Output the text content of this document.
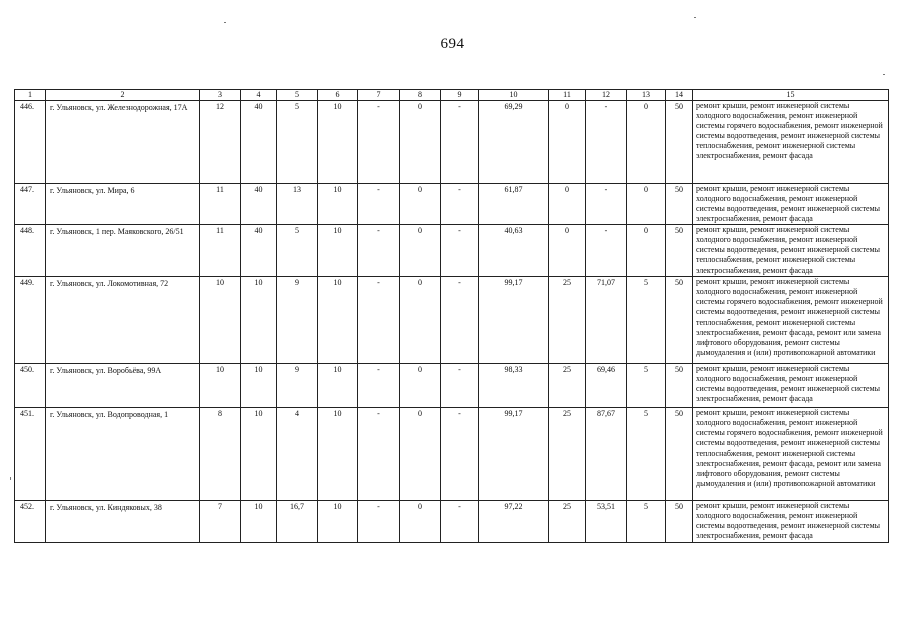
694
1	2	3	4	5	6	7	8	9	10	11	12	13	14	15
446.	г. Ульяновск, ул. Железнодорожная, 17А	12	40	5	10	-	0	-	69,29	0	-	0	50	ремонт крыши, ремонт инженерной системы холодного водоснабжения, ремонт инженерной системы горячего водоснабжения, ремонт инженерной системы водоотведения, ремонт инженерной системы теплоснабжения, ремонт инженерной системы электроснабжения, ремонт фасада
447.	г. Ульяновск, ул. Мира, 6	11	40	13	10	-	0	-	61,87	0	-	0	50	ремонт крыши, ремонт инженерной системы холодного водоснабжения, ремонт инженерной системы водоотведения, ремонт инженерной системы электроснабжения, ремонт фасада
448.	г. Ульяновск, 1 пер. Маяковского, 26/51	11	40	5	10	-	0	-	40,63	0	-	0	50	ремонт крыши, ремонт инженерной системы холодного водоснабжения, ремонт инженерной системы водоотведения, ремонт инженерной системы теплоснабжения, ремонт инженерной системы электроснабжения, ремонт фасада
449.	г. Ульяновск, ул. Локомотивная, 72	10	10	9	10	-	0	-	99,17	25	71,07	5	50	ремонт крыши, ремонт инженерной системы холодного водоснабжения, ремонт инженерной системы горячего водоснабжения, ремонт инженерной системы водоотведения, ремонт инженерной системы теплоснабжения, ремонт инженерной системы электроснабжения, ремонт фасада, ремонт или замена лифтового оборудования, ремонт системы дымоудаления и (или) противопожарной автоматики
450.	г. Ульяновск, ул. Воробьёва, 99А	10	10	9	10	-	0	-	98,33	25	69,46	5	50	ремонт крыши, ремонт инженерной системы холодного водоснабжения, ремонт инженерной системы водоотведения, ремонт инженерной системы электроснабжения, ремонт фасада
451.	г. Ульяновск, ул. Водопроводная, 1	8	10	4	10	-	0	-	99,17	25	87,67	5	50	ремонт крыши, ремонт инженерной системы холодного водоснабжения, ремонт инженерной системы горячего водоснабжения, ремонт инженерной системы водоотведения, ремонт инженерной системы теплоснабжения, ремонт инженерной системы электроснабжения, ремонт фасада, ремонт или замена лифтового оборудования, ремонт системы дымоудаления и (или) противопожарной автоматики
452.	г. Ульяновск, ул. Киндяковых, 38	7	10	16,7	10	-	0	-	97,22	25	53,51	5	50	ремонт крыши, ремонт инженерной системы холодного водоснабжения, ремонт инженерной системы водоотведения, ремонт инженерной системы электроснабжения, ремонт фасада
